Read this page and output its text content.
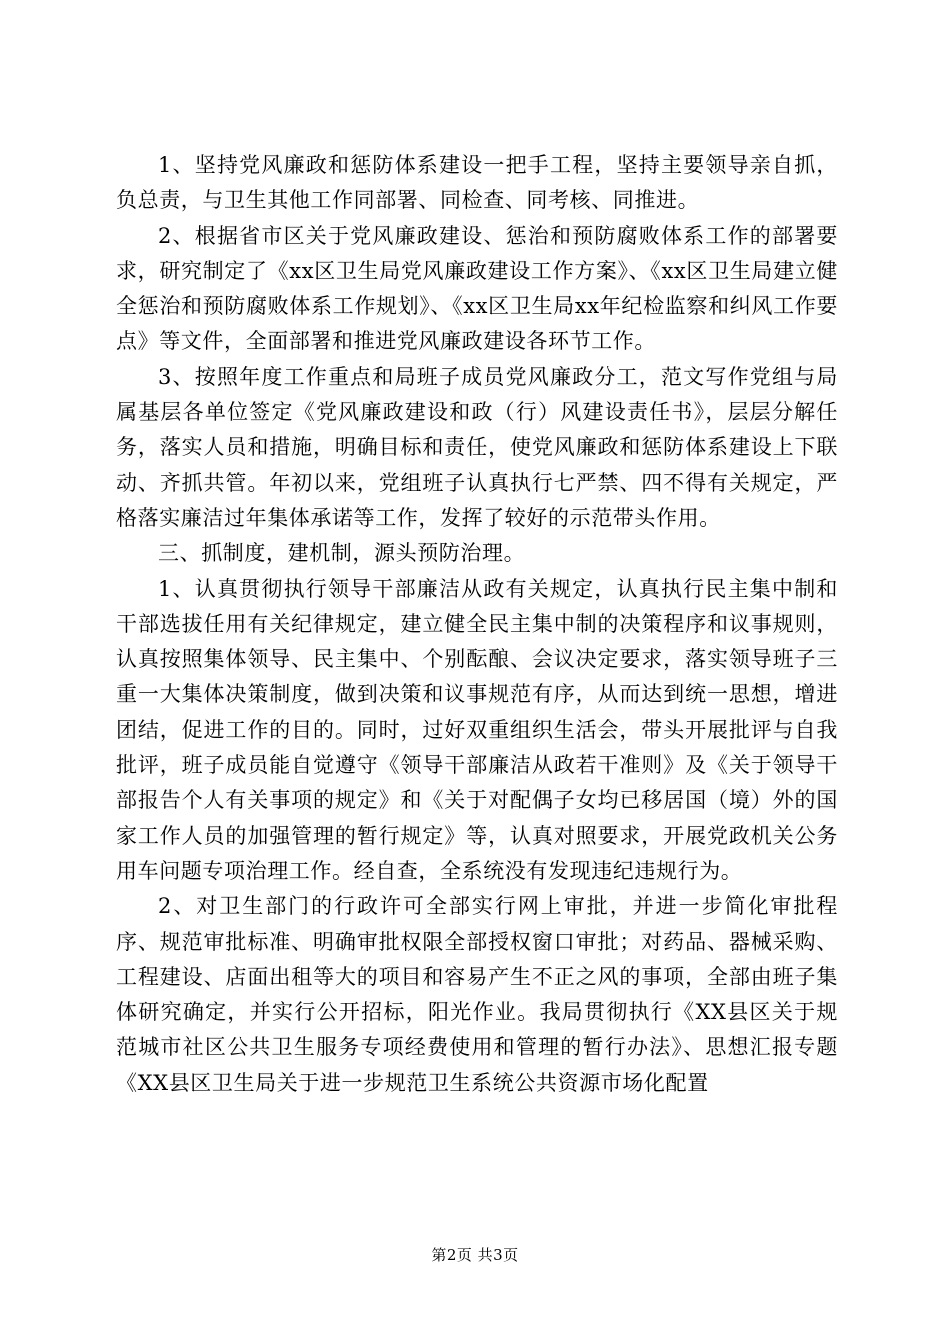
1、坚持党风廉政和惩防体系建设一把手工程，坚持主要领导亲自抓，负总责，与卫生其他工作同部署、同检查、同考核、同推进。

2、根据省市区关于党风廉政建设、惩治和预防腐败体系工作的部署要求，研究制定了《xx区卫生局党风廉政建设工作方案》、《xx区卫生局建立健全惩治和预防腐败体系工作规划》、《xx区卫生局xx年纪检监察和纠风工作要点》等文件，全面部署和推进党风廉政建设各环节工作。

3、按照年度工作重点和局班子成员党风廉政分工，范文写作党组与局属基层各单位签定《党风廉政建设和政（行）风建设责任书》，层层分解任务，落实人员和措施，明确目标和责任，使党风廉政和惩防体系建设上下联动、齐抓共管。年初以来，党组班子认真执行七严禁、四不得有关规定，严格落实廉洁过年集体承诺等工作，发挥了较好的示范带头作用。

三、抓制度，建机制，源头预防治理。

1、认真贯彻执行领导干部廉洁从政有关规定，认真执行民主集中制和干部选拔任用有关纪律规定，建立健全民主集中制的决策程序和议事规则，认真按照集体领导、民主集中、个别酝酿、会议决定要求，落实领导班子三重一大集体决策制度，做到决策和议事规范有序，从而达到统一思想，增进团结，促进工作的目的。同时，过好双重组织生活会，带头开展批评与自我批评，班子成员能自觉遵守《领导干部廉洁从政若干准则》及《关于领导干部报告个人有关事项的规定》和《关于对配偶子女均已移居国（境）外的国家工作人员的加强管理的暂行规定》等，认真对照要求，开展党政机关公务用车问题专项治理工作。经自查，全系统没有发现违纪违规行为。

2、对卫生部门的行政许可全部实行网上审批，并进一步简化审批程序、规范审批标准、明确审批权限全部授权窗口审批；对药品、器械采购、工程建设、店面出租等大的项目和容易产生不正之风的事项，全部由班子集体研究确定，并实行公开招标，阳光作业。我局贯彻执行《XX县区关于规范城市社区公共卫生服务专项经费使用和管理的暂行办法》、思想汇报专题《XX县区卫生局关于进一步规范卫生系统公共资源市场化配置

第2页 共3页
